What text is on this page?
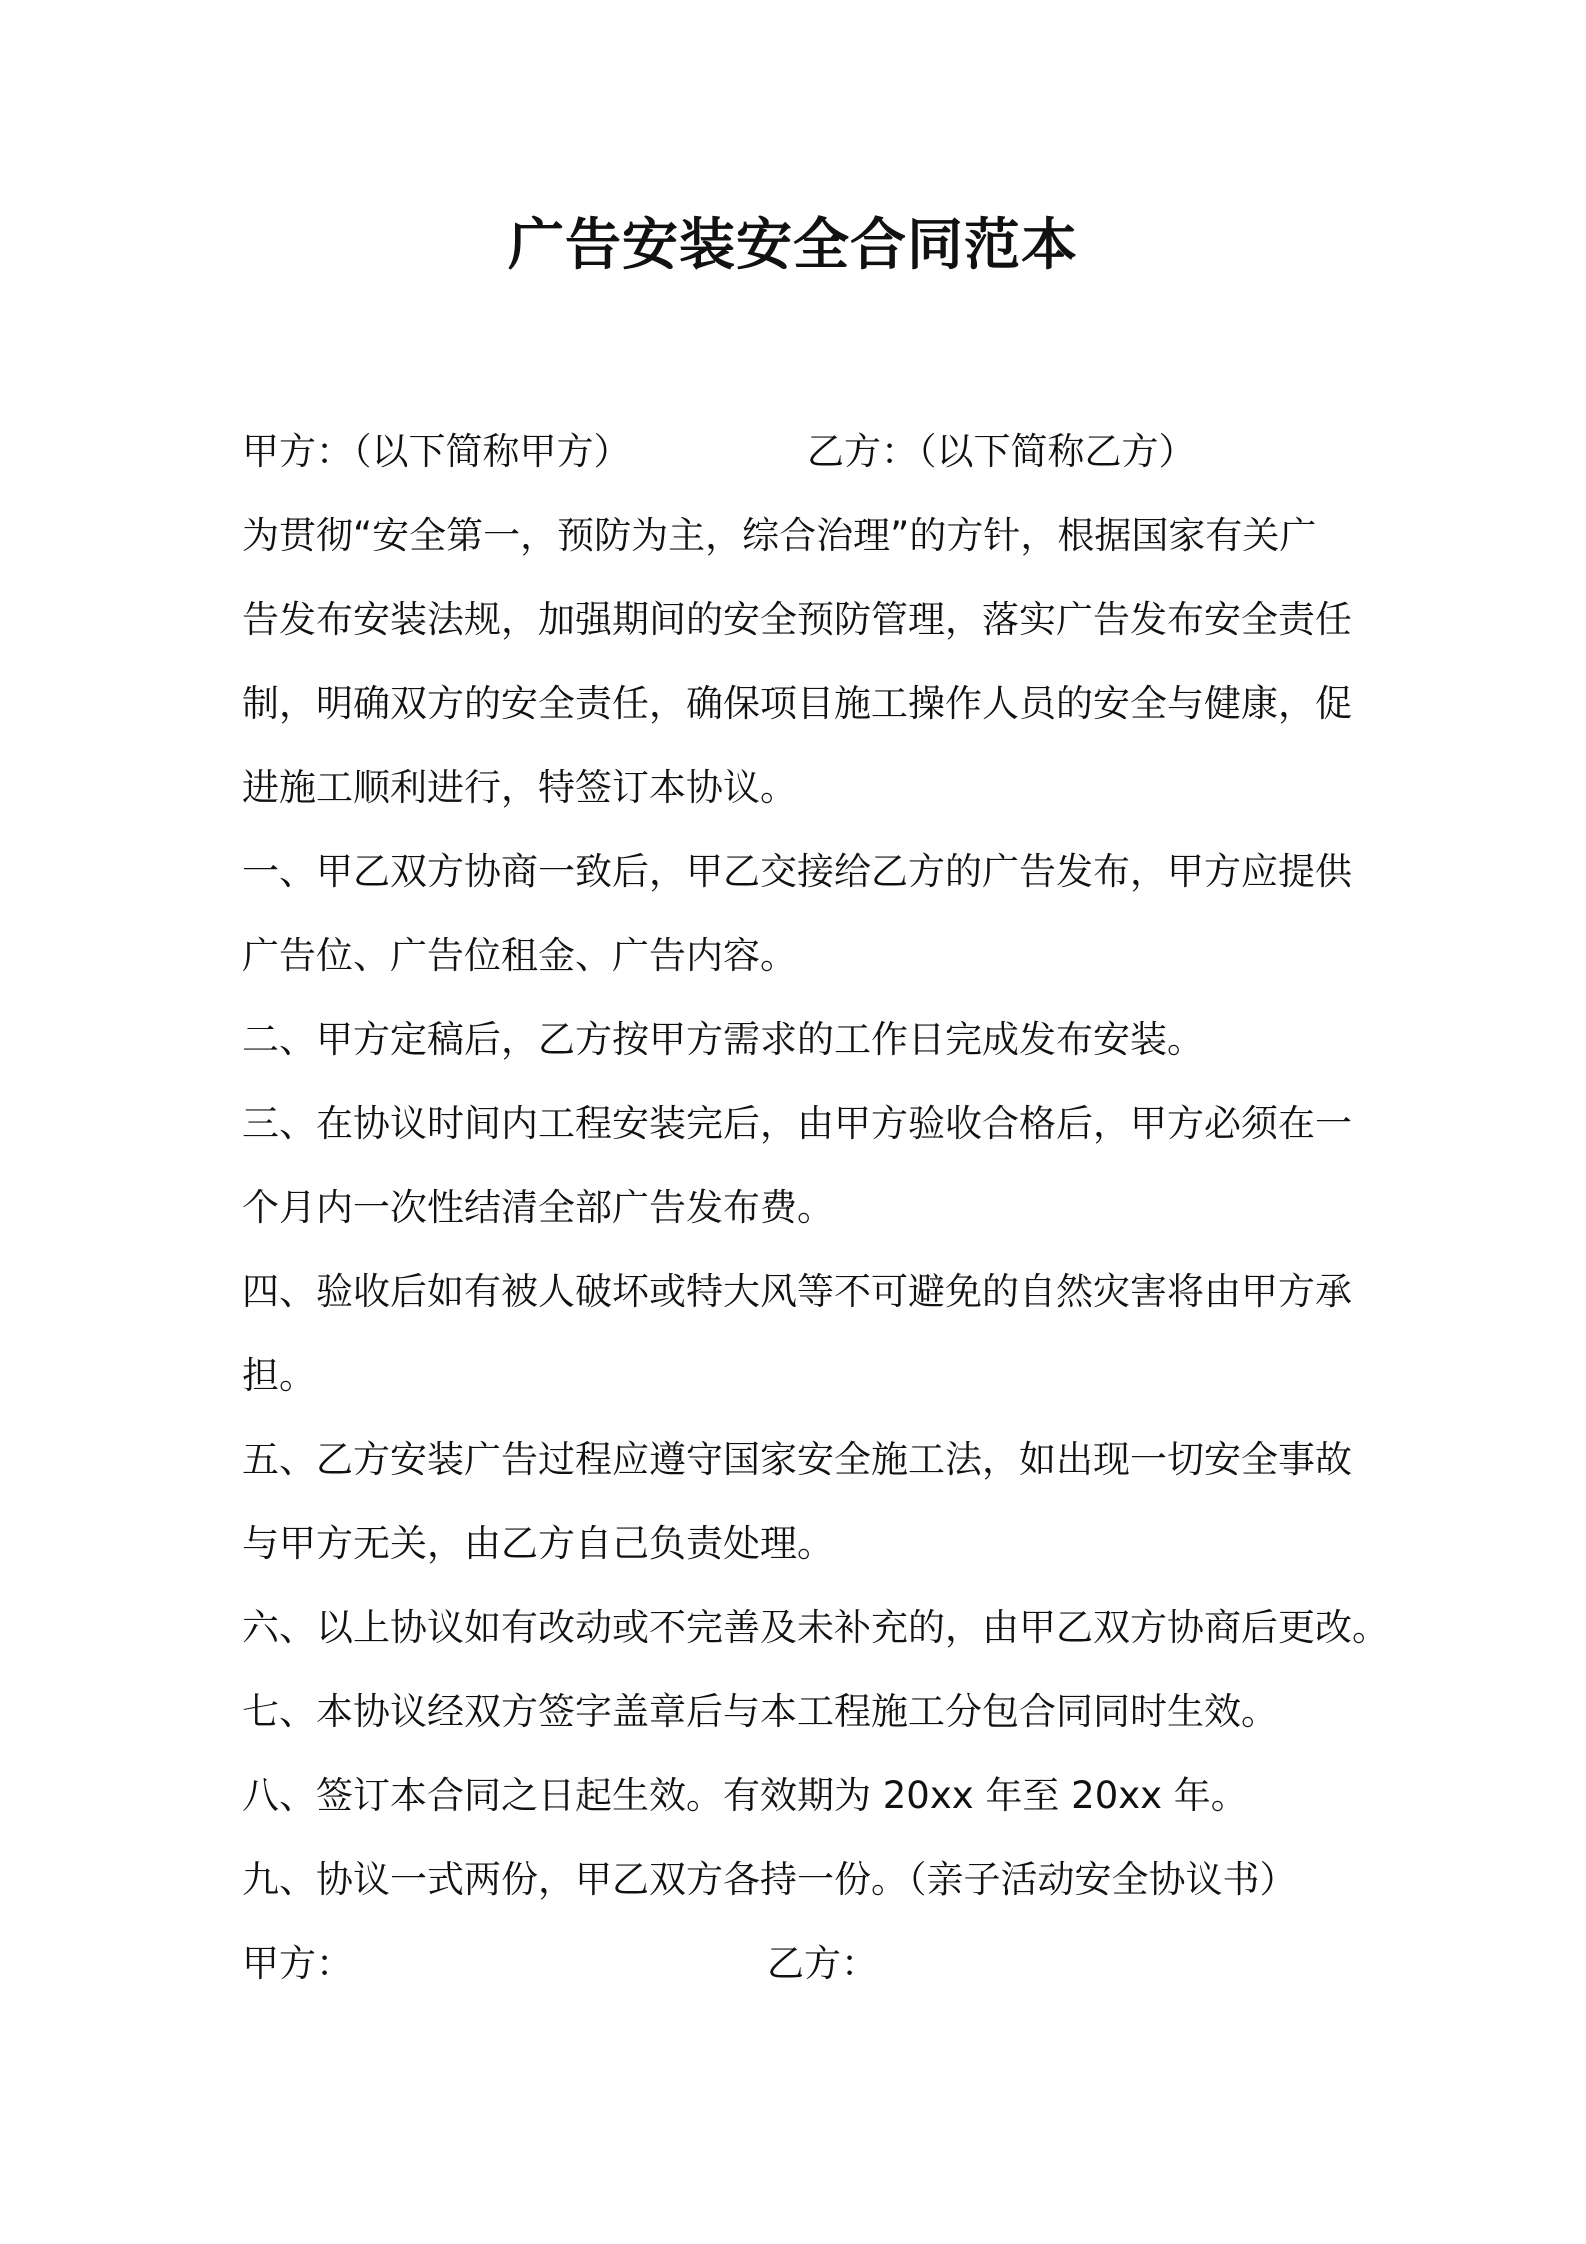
广告安装安全合同范本
甲方：（以下简称甲方）	乙方：（以下简称乙方）
为贯彻“安全第一，预防为主，综合治理”的方针，根据国家有关广
告发布安装法规，加强期间的安全预防管理，落实广告发布安全责任
制，明确双方的安全责任，确保项目施工操作人员的安全与健康，促
进施工顺利进行，特签订本协议。
一、甲乙双方协商一致后，甲乙交接给乙方的广告发布，甲方应提供
广告位、广告位租金、广告内容。
二、甲方定稿后，乙方按甲方需求的工作日完成发布安装。
三、在协议时间内工程安装完后，由甲方验收合格后，甲方必须在一
个月内一次性结清全部广告发布费。
四、验收后如有被人破坏或特大风等不可避免的自然灾害将由甲方承
担。
五、乙方安装广告过程应遵守国家安全施工法，如出现一切安全事故
与甲方无关，由乙方自己负责处理。
六、以上协议如有改动或不完善及未补充的，由甲乙双方协商后更改。
七、本协议经双方签字盖章后与本工程施工分包合同同时生效。
八、签订本合同之日起生效。有效期为 20xx 年至 20xx 年。
九、协议一式两份，甲乙双方各持一份。（亲子活动安全协议书）
甲方：	乙方：
